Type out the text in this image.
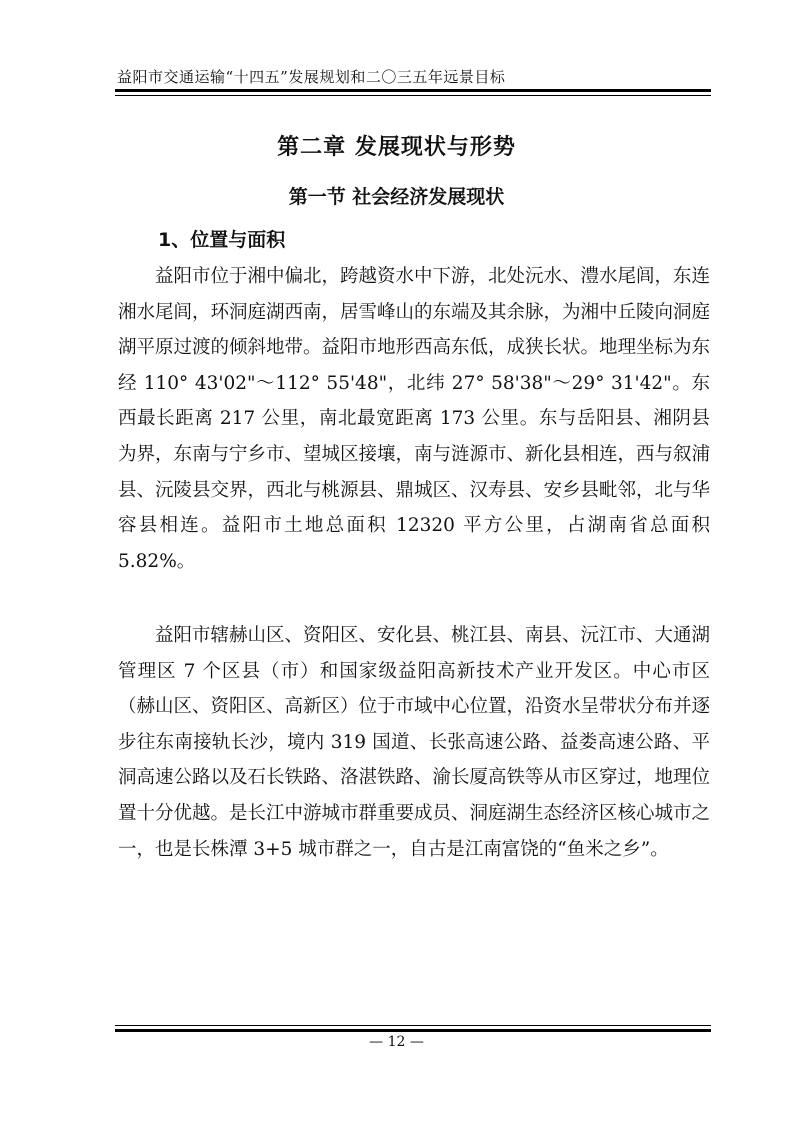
益阳市交通运输“十四五”发展规划和二〇三五年远景目标
第二章 发展现状与形势
第一节 社会经济发展现状
1、位置与面积

益阳市位于湘中偏北，跨越资水中下游，北处沅水、澧水尾闾，东连湘水尾闾，环洞庭湖西南，居雪峰山的东端及其余脉，为湘中丘陵向洞庭湖平原过渡的倾斜地带。益阳市地形西高东低，成狭长状。地理坐标为东经 110° 43'02"～112° 55'48"，北纬 27° 58'38"～29° 31'42"。东西最长距离 217 公里，南北最宽距离 173 公里。东与岳阳县、湘阴县为界，东南与宁乡市、望城区接壤，南与涟源市、新化县相连，西与叙浦县、沅陵县交界，西北与桃源县、鼎城区、汉寿县、安乡县毗邻，北与华容县相连。益阳市土地总面积 12320 平方公里，占湖南省总面积 5.82%。

益阳市辖赫山区、资阳区、安化县、桃江县、南县、沅江市、大通湖管理区 7 个区县（市）和国家级益阳高新技术产业开发区。中心市区（赫山区、资阳区、高新区）位于市域中心位置，沿资水呈带状分布并逐步往东南接轨长沙，境内 319 国道、长张高速公路、益娄高速公路、平洞高速公路以及石长铁路、洛湛铁路、渝长厦高铁等从市区穿过，地理位置十分优越。是长江中游城市群重要成员、洞庭湖生态经济区核心城市之一，也是长株潭 3+5 城市群之一，自古是江南富饶的“鱼米之乡”。

— 12 —
